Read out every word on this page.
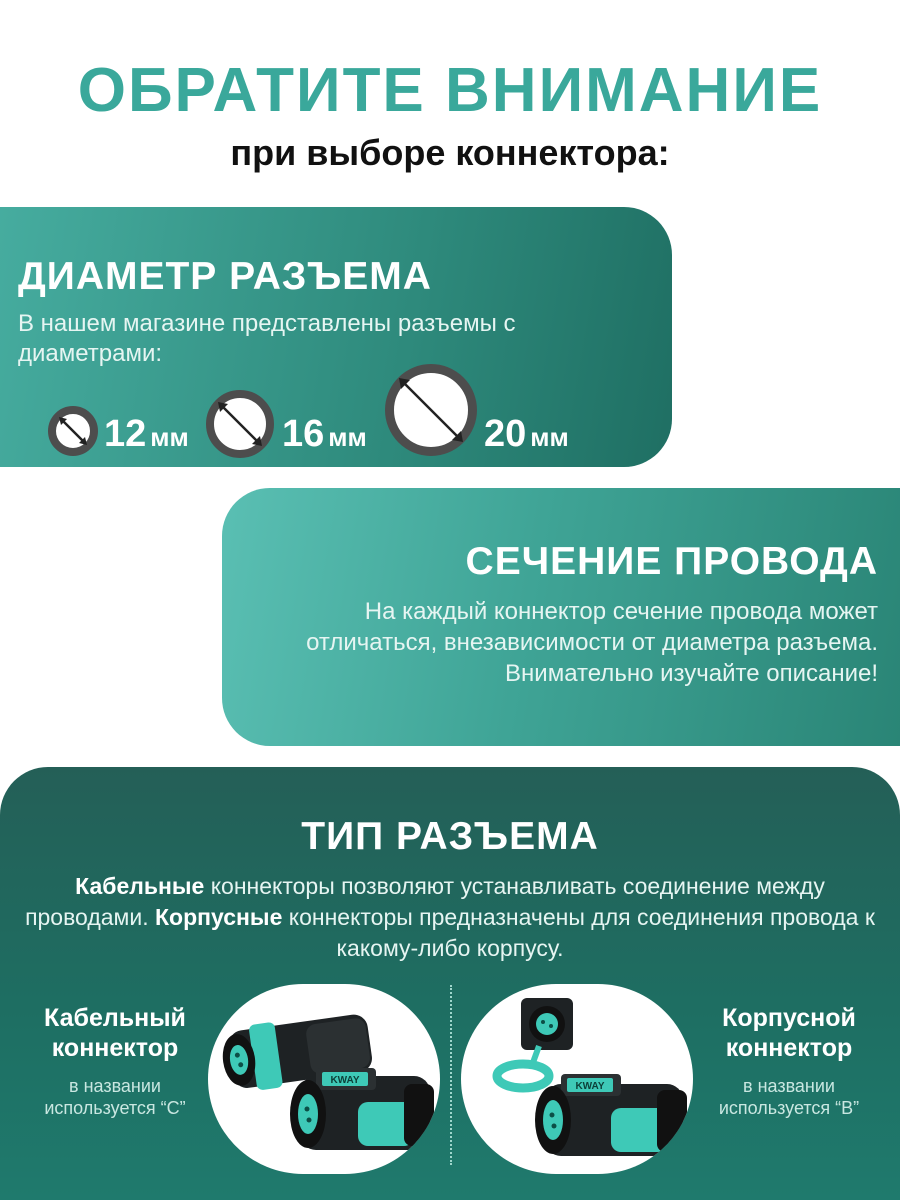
ОБРАТИТЕ ВНИМАНИЕ
при выборе коннектора:
ДИАМЕТР РАЗЪЕМА
В нашем магазине представлены разъемы с диаметрами:
12 мм 16 мм	20 мм
СЕЧЕНИЕ ПРОВОДА
На каждый коннектор сечение провода может отличаться, внезависимости от диаметра разъема. Внимательно изучайте описание!
ТИП РАЗЪЕМА
Кабельные коннекторы позволяют устанавливать соединение между проводами. Корпусные коннекторы предназначены для соединения провода к какому-либо корпусу.
Кабельный
коннектор
в названии
используется “С”
KWAY
KWAY
Корпусной
коннектор
в названии
используется “В”
